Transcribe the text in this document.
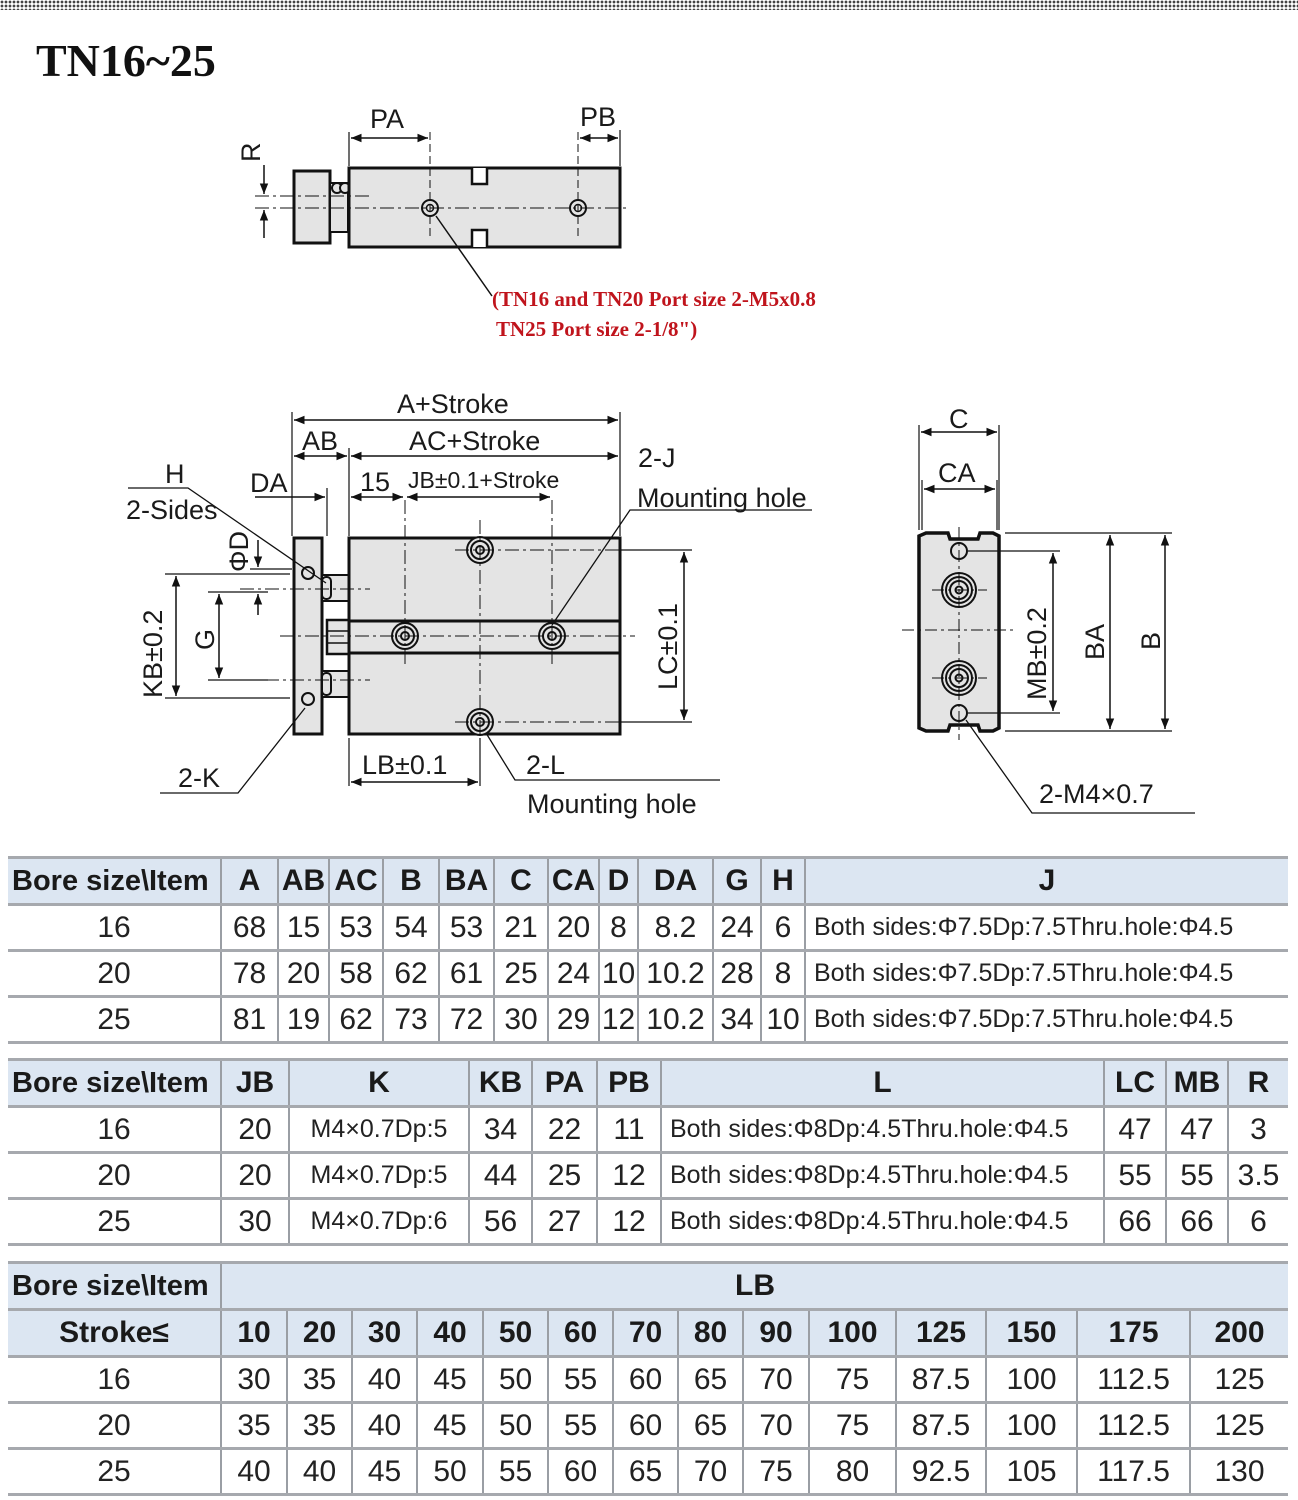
TN16~25
PA	PB
R
(TN16 and TN20 Port size 2-M5x0.8
TN25 Port size 2-1/8")
A+Stroke
AB	AC+Stroke
H
2-Sides
DA	15 JB±0.1+Stroke
2-J
Mounting hole
ΦD
KB±0.2 G	LC±0.1
2-K	LB±0.1	2-L
Mounting hole
C
CA
MB±0.2 BA B
2-M4×0.7
Bore size\Item	A	AB	AC	B	BA	C	CA	D	DA	G	H	J
16	68	15	53	54	53	21	20	8	8.2	24	6	Both sides:Φ7.5Dp:7.5Thru.hole:Φ4.5
20	78	20	58	62	61	25	24	10	10.2	28	8	Both sides:Φ7.5Dp:7.5Thru.hole:Φ4.5
25	81	19	62	73	72	30	29	12	10.2	34	10	Both sides:Φ7.5Dp:7.5Thru.hole:Φ4.5
Bore size\Item	JB	K	KB	PA	PB	L	LC	MB	R
16	20	M4×0.7Dp:5	34	22	11	Both sides:Φ8Dp:4.5Thru.hole:Φ4.5	47	47	3
20	20	M4×0.7Dp:5	44	25	12	Both sides:Φ8Dp:4.5Thru.hole:Φ4.5	55	55	3.5
25	30	M4×0.7Dp:6	56	27	12	Both sides:Φ8Dp:4.5Thru.hole:Φ4.5	66	66	6
Bore size\Item	LB													
Stroke≤	10	20	30	40	50	60	70	80	90	100	125	150	175	200
16	30	35	40	45	50	55	60	65	70	75	87.5	100	112.5	125
20	35	35	40	45	50	55	60	65	70	75	87.5	100	112.5	125
25	40	40	45	50	55	60	65	70	75	80	92.5	105	117.5	130
